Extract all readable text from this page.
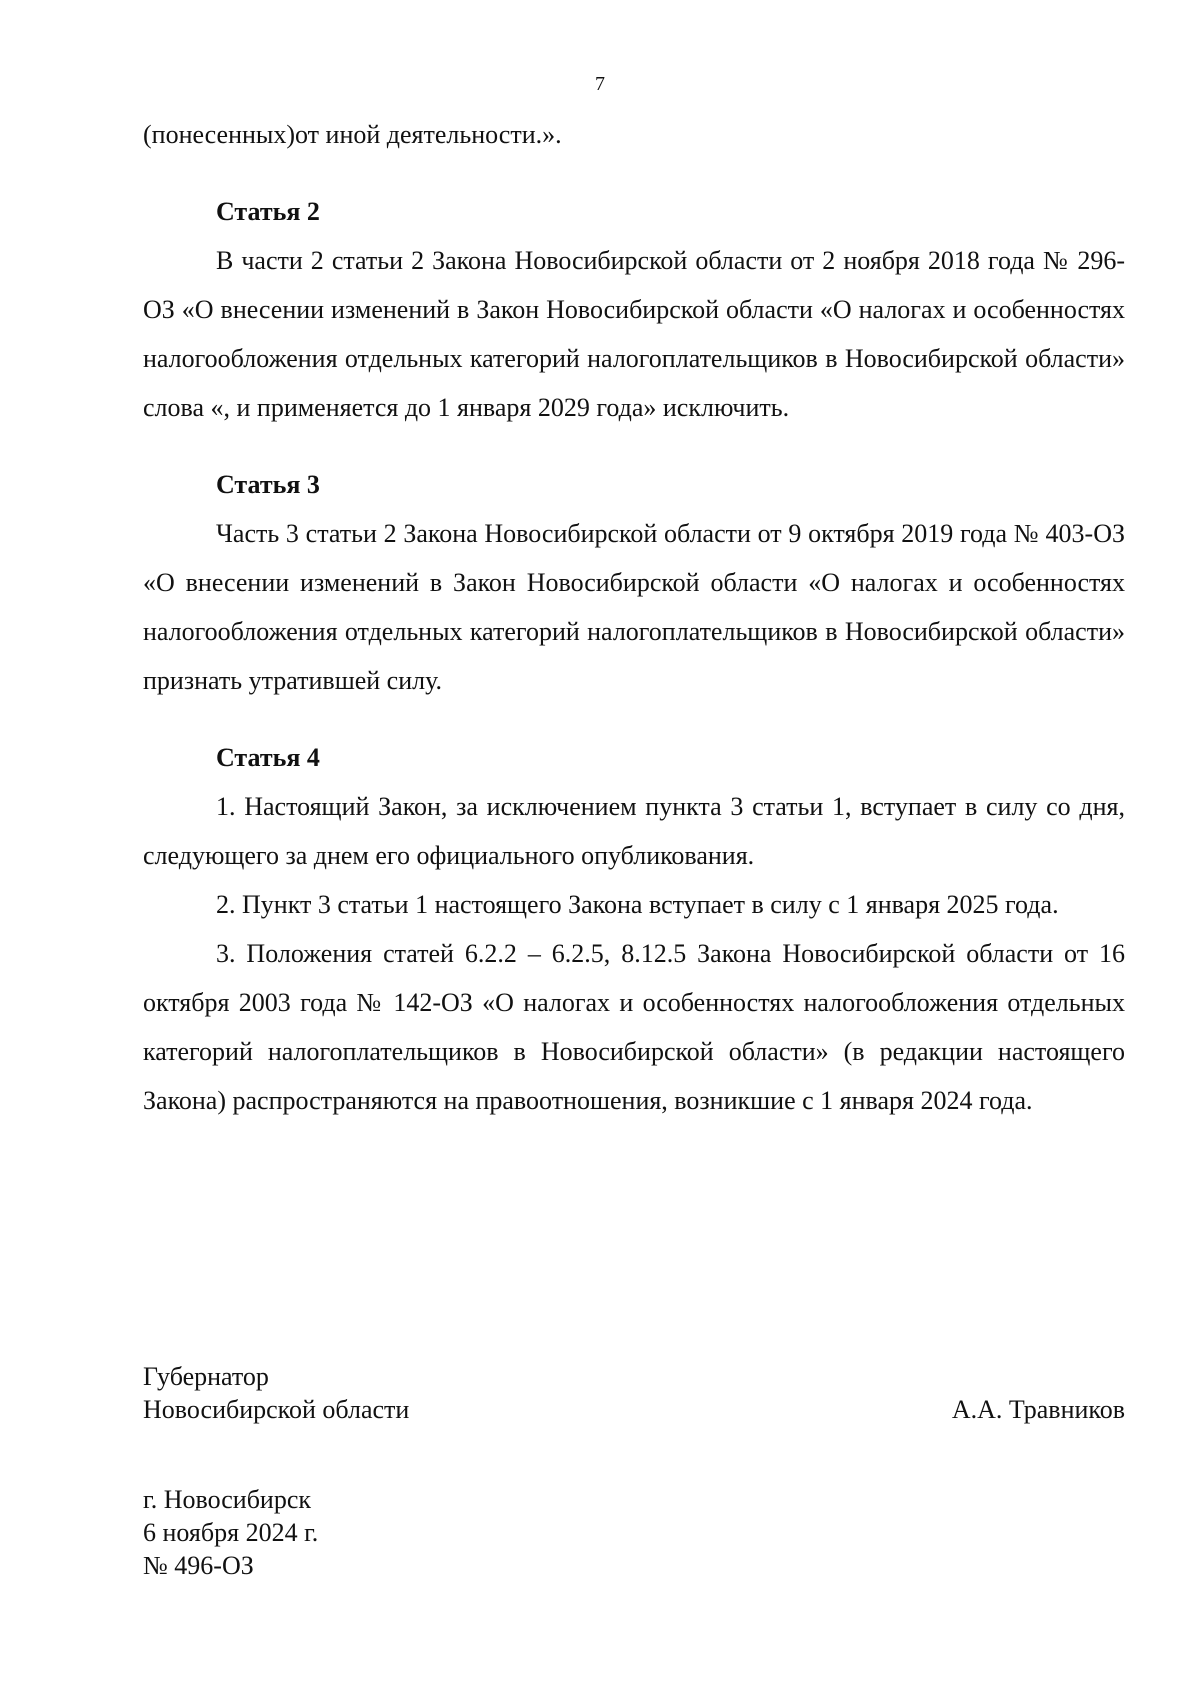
7

(понесенных)от иной деятельности.».

Статья 2

В части 2 статьи 2 Закона Новосибирской области от 2 ноября 2018 года № 296-ОЗ «О внесении изменений в Закон Новосибирской области «О налогах и особенностях налогообложения отдельных категорий налогоплательщиков в Новосибирской области» слова «, и применяется до 1 января 2029 года» исключить.

Статья 3

Часть 3 статьи 2 Закона Новосибирской области от 9 октября 2019 года № 403-ОЗ «О внесении изменений в Закон Новосибирской области «О налогах и особенностях налогообложения отдельных категорий налогоплательщиков в Новосибирской области» признать утратившей силу.

Статья 4

1. Настоящий Закон, за исключением пункта 3 статьи 1, вступает в силу со дня, следующего за днем его официального опубликования.

2. Пункт 3 статьи 1 настоящего Закона вступает в силу с 1 января 2025 года.

3. Положения статей 6.2.2 – 6.2.5, 8.12.5 Закона Новосибирской области от 16 октября 2003 года № 142-ОЗ «О налогах и особенностях налогообложения отдельных категорий налогоплательщиков в Новосибирской области» (в редакции настоящего Закона) распространяются на правоотношения, возникшие с 1 января 2024 года.

Губернатор
Новосибирской области	А.А. Травников
г. Новосибирск
6 ноября 2024 г.
№ 496-ОЗ
